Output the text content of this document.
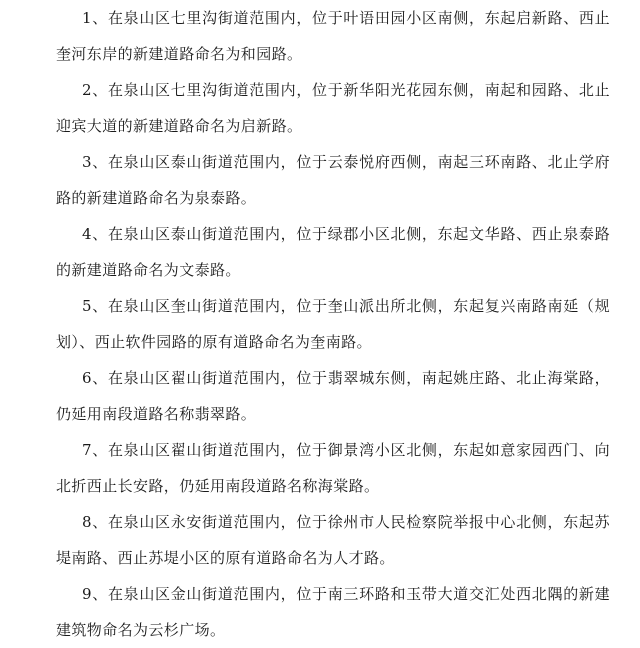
1、在泉山区七里沟街道范围内，位于叶语田园小区南侧，东起启新路、西止奎河东岸的新建道路命名为和园路。

2、在泉山区七里沟街道范围内，位于新华阳光花园东侧，南起和园路、北止迎宾大道的新建道路命名为启新路。

3、在泉山区泰山街道范围内，位于云泰悦府西侧，南起三环南路、北止学府路的新建道路命名为泉泰路。

4、在泉山区泰山街道范围内，位于绿郡小区北侧，东起文华路、西止泉泰路的新建道路命名为文泰路。

5、在泉山区奎山街道范围内，位于奎山派出所北侧，东起复兴南路南延（规划）、西止软件园路的原有道路命名为奎南路。

6、在泉山区翟山街道范围内，位于翡翠城东侧，南起姚庄路、北止海棠路，仍延用南段道路名称翡翠路。

7、在泉山区翟山街道范围内，位于御景湾小区北侧，东起如意家园西门、向北折西止长安路，仍延用南段道路名称海棠路。

8、在泉山区永安街道范围内，位于徐州市人民检察院举报中心北侧，东起苏堤南路、西止苏堤小区的原有道路命名为人才路。

9、在泉山区金山街道范围内，位于南三环路和玉带大道交汇处西北隅的新建建筑物命名为云杉广场。
